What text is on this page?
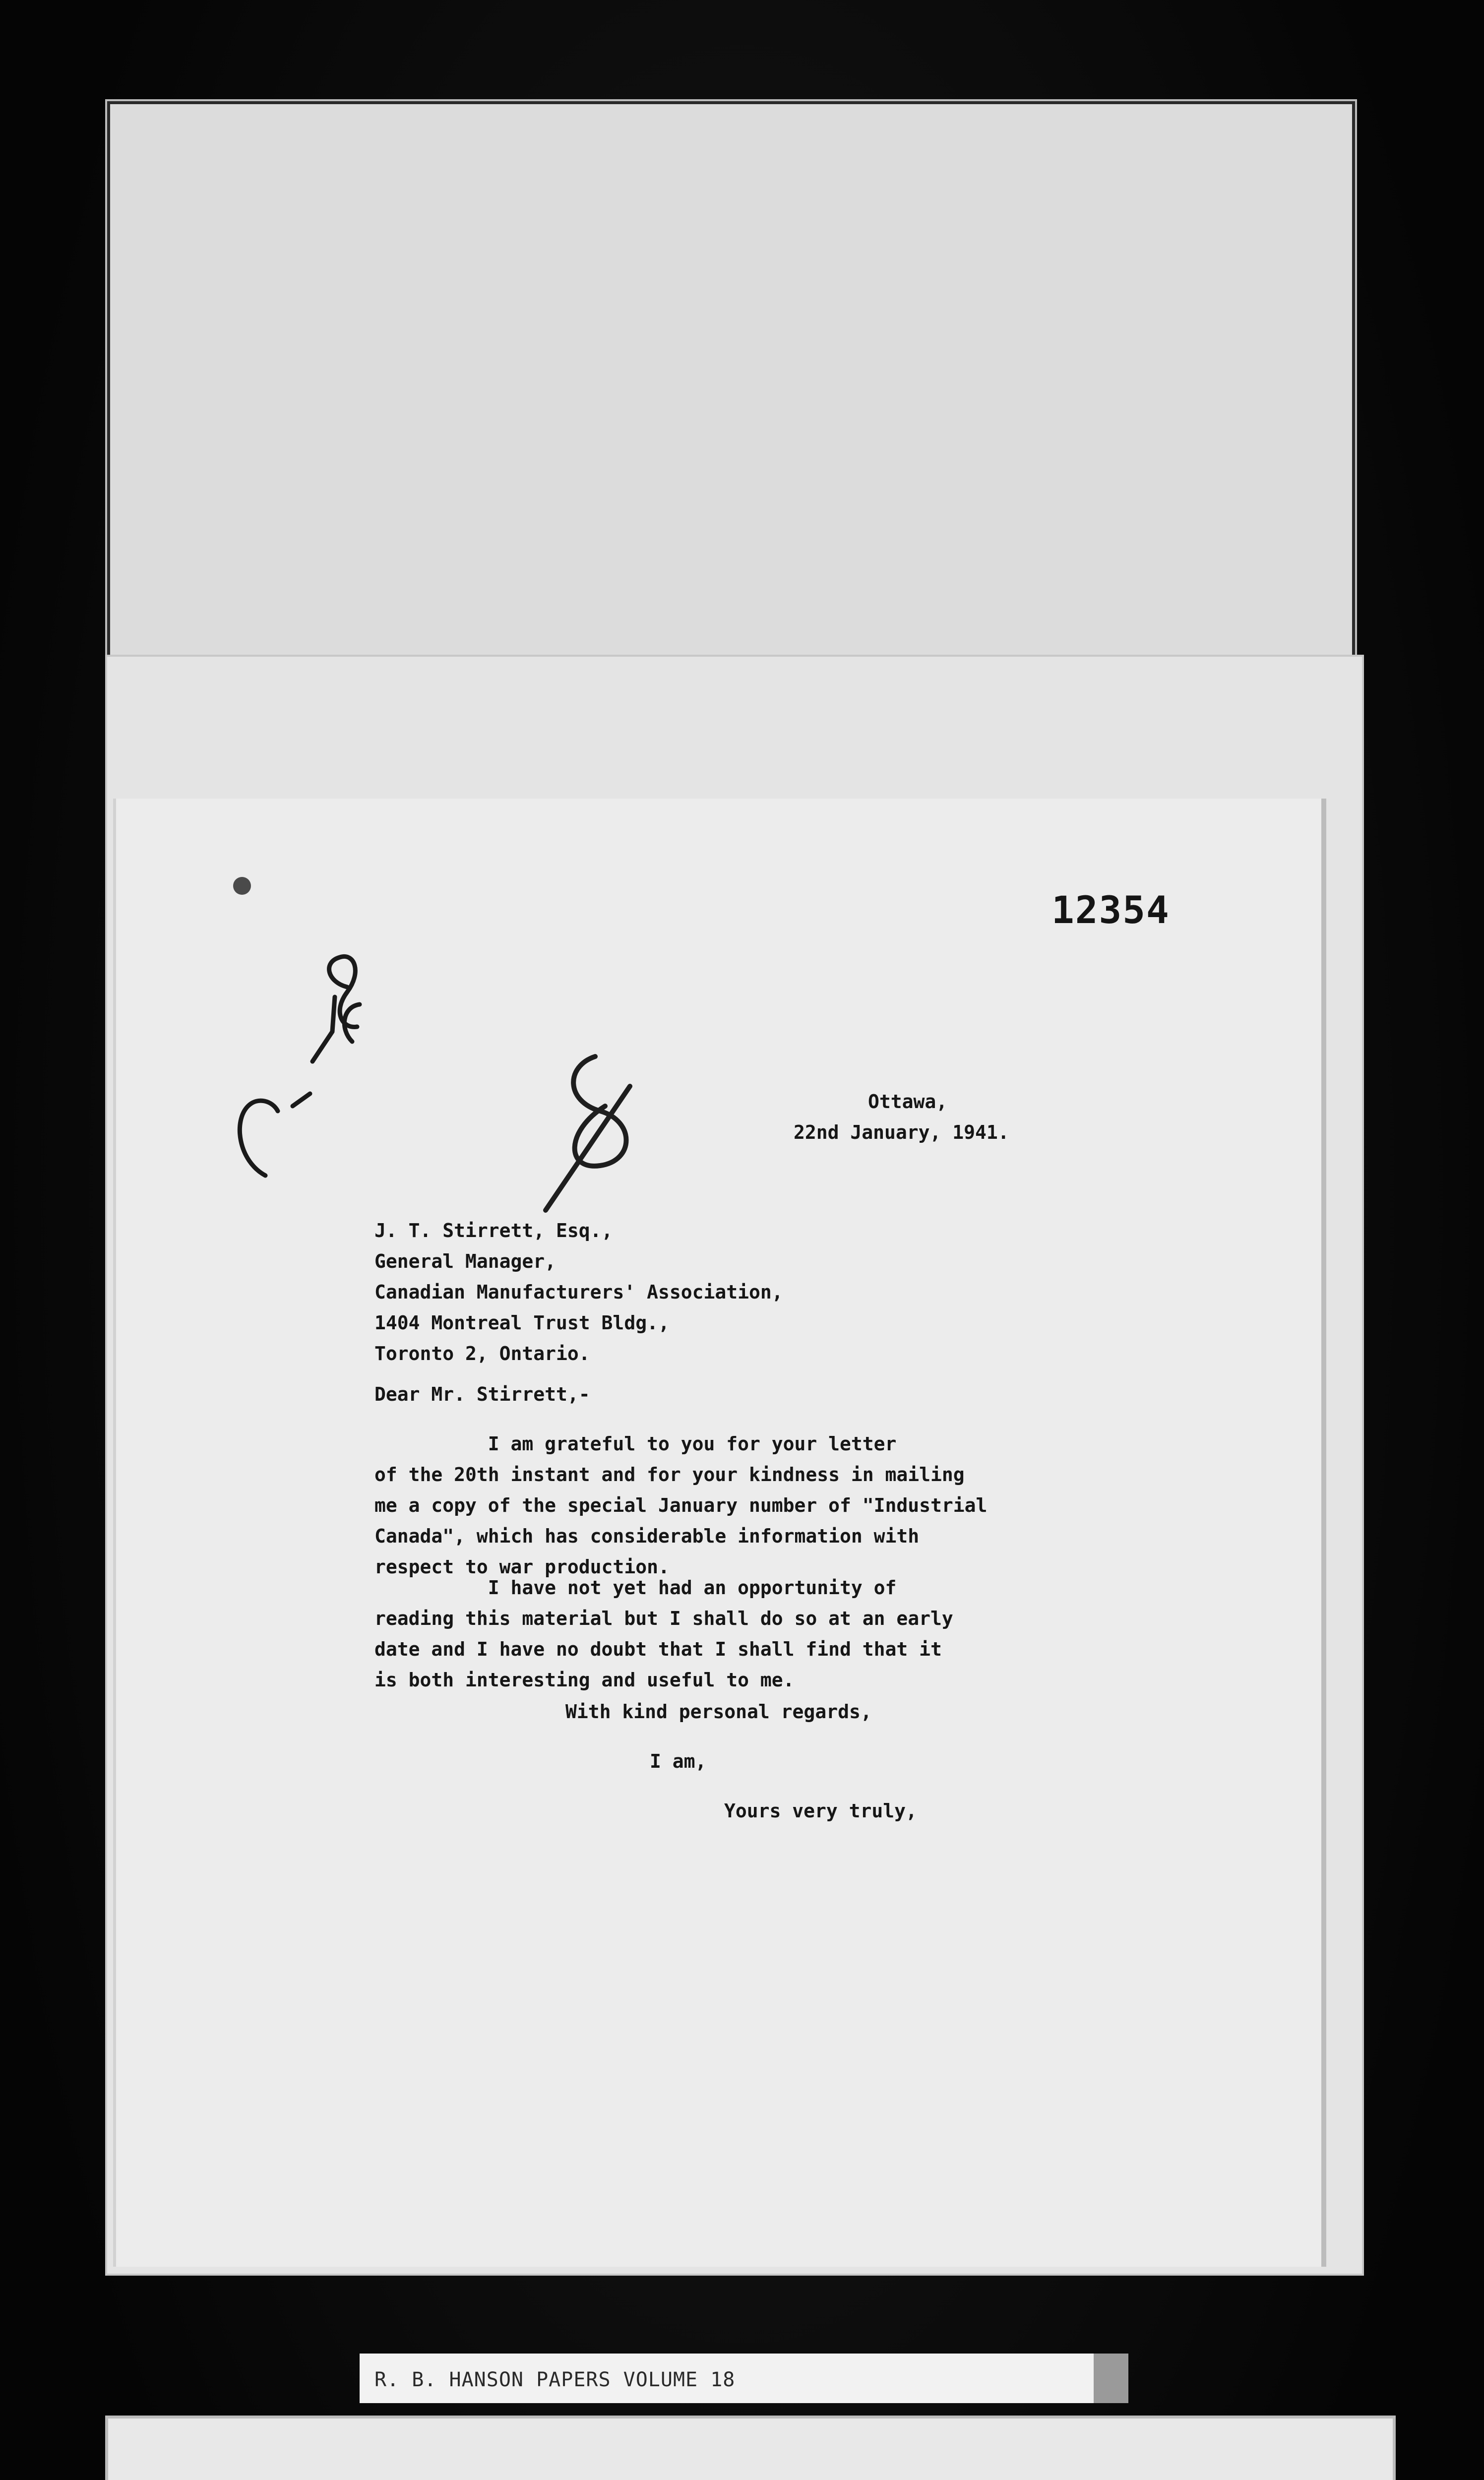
12354
Ottawa,
22nd January, 1941.
J. T. Stirrett, Esq.,
General Manager,
Canadian Manufacturers' Association,
1404 Montreal Trust Bldg.,
Toronto 2, Ontario.
Dear Mr. Stirrett,-
I am grateful to you for your letter
of the 20th instant and for your kindness in mailing
me a copy of the special January number of "Industrial
Canada", which has considerable information with
respect to war production.
I have not yet had an opportunity of
reading this material but I shall do so at an early
date and I have no doubt that I shall find that it
is both interesting and useful to me.
With kind personal regards,
I am,
Yours very truly,
R. B. HANSON PAPERS VOLUME 18
